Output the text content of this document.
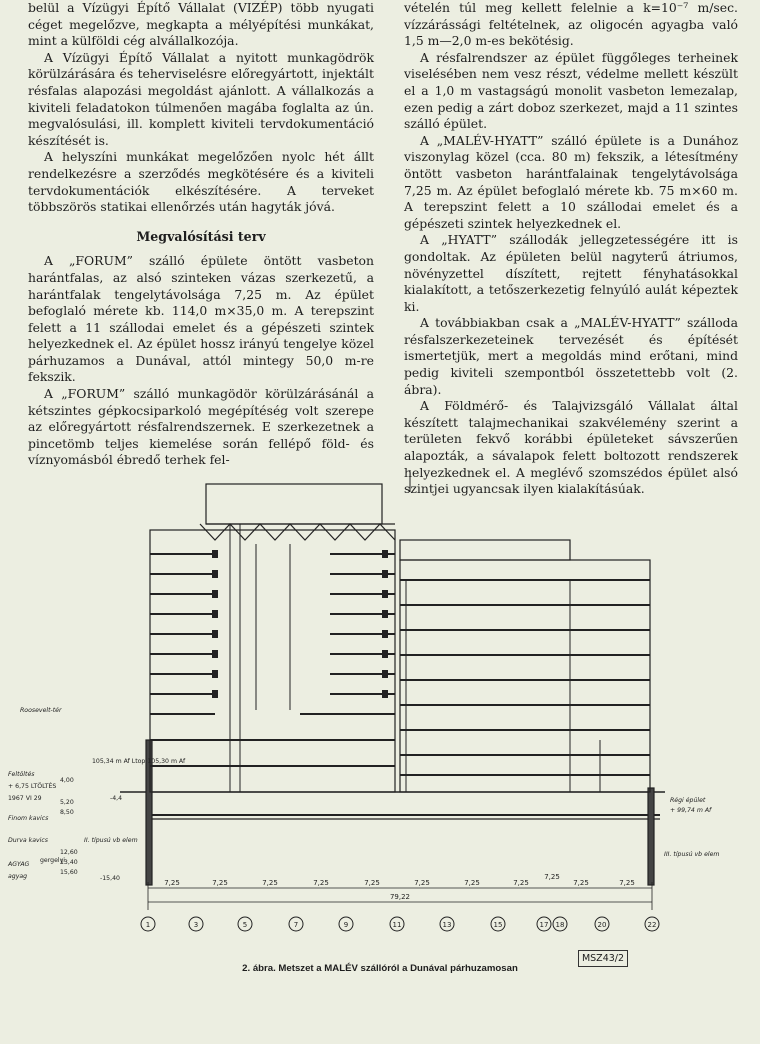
belül a Vízügyi Építő Vállalat (VIZÉP) több nyugati céget megelőzve, megkapta a mélyépítési munkákat, mint a külföldi cég alvállalkozója.

A Vízügyi Építő Vállalat a nyitott munkagödrök körülzárására és teherviselésre előregyártott, injektált résfalas alapozási megoldást ajánlott. A vállalkozás a kiviteli feladatokon túlmenően magába foglalta az ún. megvalósulási, ill. komplett kiviteli tervdokumentáció készítését is.

A helyszíni munkákat megelőzően nyolc hét állt rendelkezésre a szerződés megkötésére és a kiviteli tervdokumentációk elkészítésére. A terveket többszörös statikai ellenőrzés után hagyták jóvá.

Megvalósítási terv

A „FORUM” szálló épülete öntött vasbeton harántfalas, az alsó szinteken vázas szerkezetű, a harántfalak tengelytávolsága 7,25 m. Az épület befoglaló mérete kb. 114,0 m×35,0 m. A terepszint felett a 11 szállodai emelet és a gépészeti szintek helyezkednek el. Az épület hossz irányú tengelye közel párhuzamos a Dunával, attól mintegy 50,0 m-re fekszik.

A „FORUM” szálló munkagödör körülzárásánál a kétszintes gépkocsiparkoló megépítéség volt szerepe az előregyártott résfalrendszernek. E szerkezetnek a pincetömb teljes kiemelése során fellépő föld- és víznyomásból ébredő terhek fel-

vételén túl meg kellett felelnie a k=10⁻⁷ m/sec. vízzárássági feltételnek, az oligocén agyagba való 1,5 m—2,0 m-es bekötésig.

A résfalrendszer az épület függőleges terheinek viselésében nem vesz részt, védelme mellett készült el a 1,0 m vastagságú monolit vasbeton lemezalap, ezen pedig a zárt doboz szerkezet, majd a 11 szintes szálló épület.

A „MALÉV-HYATT” szálló épülete is a Dunához viszonylag közel (cca. 80 m) fekszik, a létesítmény öntött vasbeton harántfalainak tengelytávolsága 7,25 m. Az épület befoglaló mérete kb. 75 m×60 m. A terepszint felett a 10 szállodai emelet és a gépészeti szintek helyezkednek el.

A „HYATT” szállodák jellegzetességére itt is gondoltak. Az épületen belül nagyterű átriumos, növényzettel díszített, rejtett fényhatásokkal kialakított, a tetőszerkezetig felnyúló aulát képeztek ki.

A továbbiakban csak a „MALÉV-HYATT” szálloda résfalszerkezeteinek tervezését és építését ismertetjük, mert a megoldás mind erőtani, mind pedig kiviteli szempontból összetettebb volt (2. ábra).

A Földmérő- és Talajvizsgáló Vállalat által készített talajmechanikai szakvélemény szerint a területen fekvő korábbi épületeket sávszerűen alapozták, a sávalapok felett boltozott rendszerek helyezkednek el. A meglévő szomszédos épület alsó szintjei ugyancsak ilyen kialakításúak.

1	3	5	7	9	11	13	15	17 18	20	22
7,25	7,25	7,25	7,25	7,25	7,25	7,25	7,25
7,25
7,25	7,25
79,22
Roosevelt-tér
105,34 m Af Ltop 105,30 m Af
Feltöltés
+ 6,75 LTÖLTÉS
1967 VI 29
Finom kavics
Durva kavics
AGYAG
agyag
gergelyi
II. típusú vb elem
-15,40
-4,4
4,00
5,20
8,50
12,60
13,40
15,60
Régi épület
+ 99,74 m Af
III. típusú vb elem
MSZ43/2
2. ábra. Metszet a MALÉV szállóról a Dunával párhuzamosan
